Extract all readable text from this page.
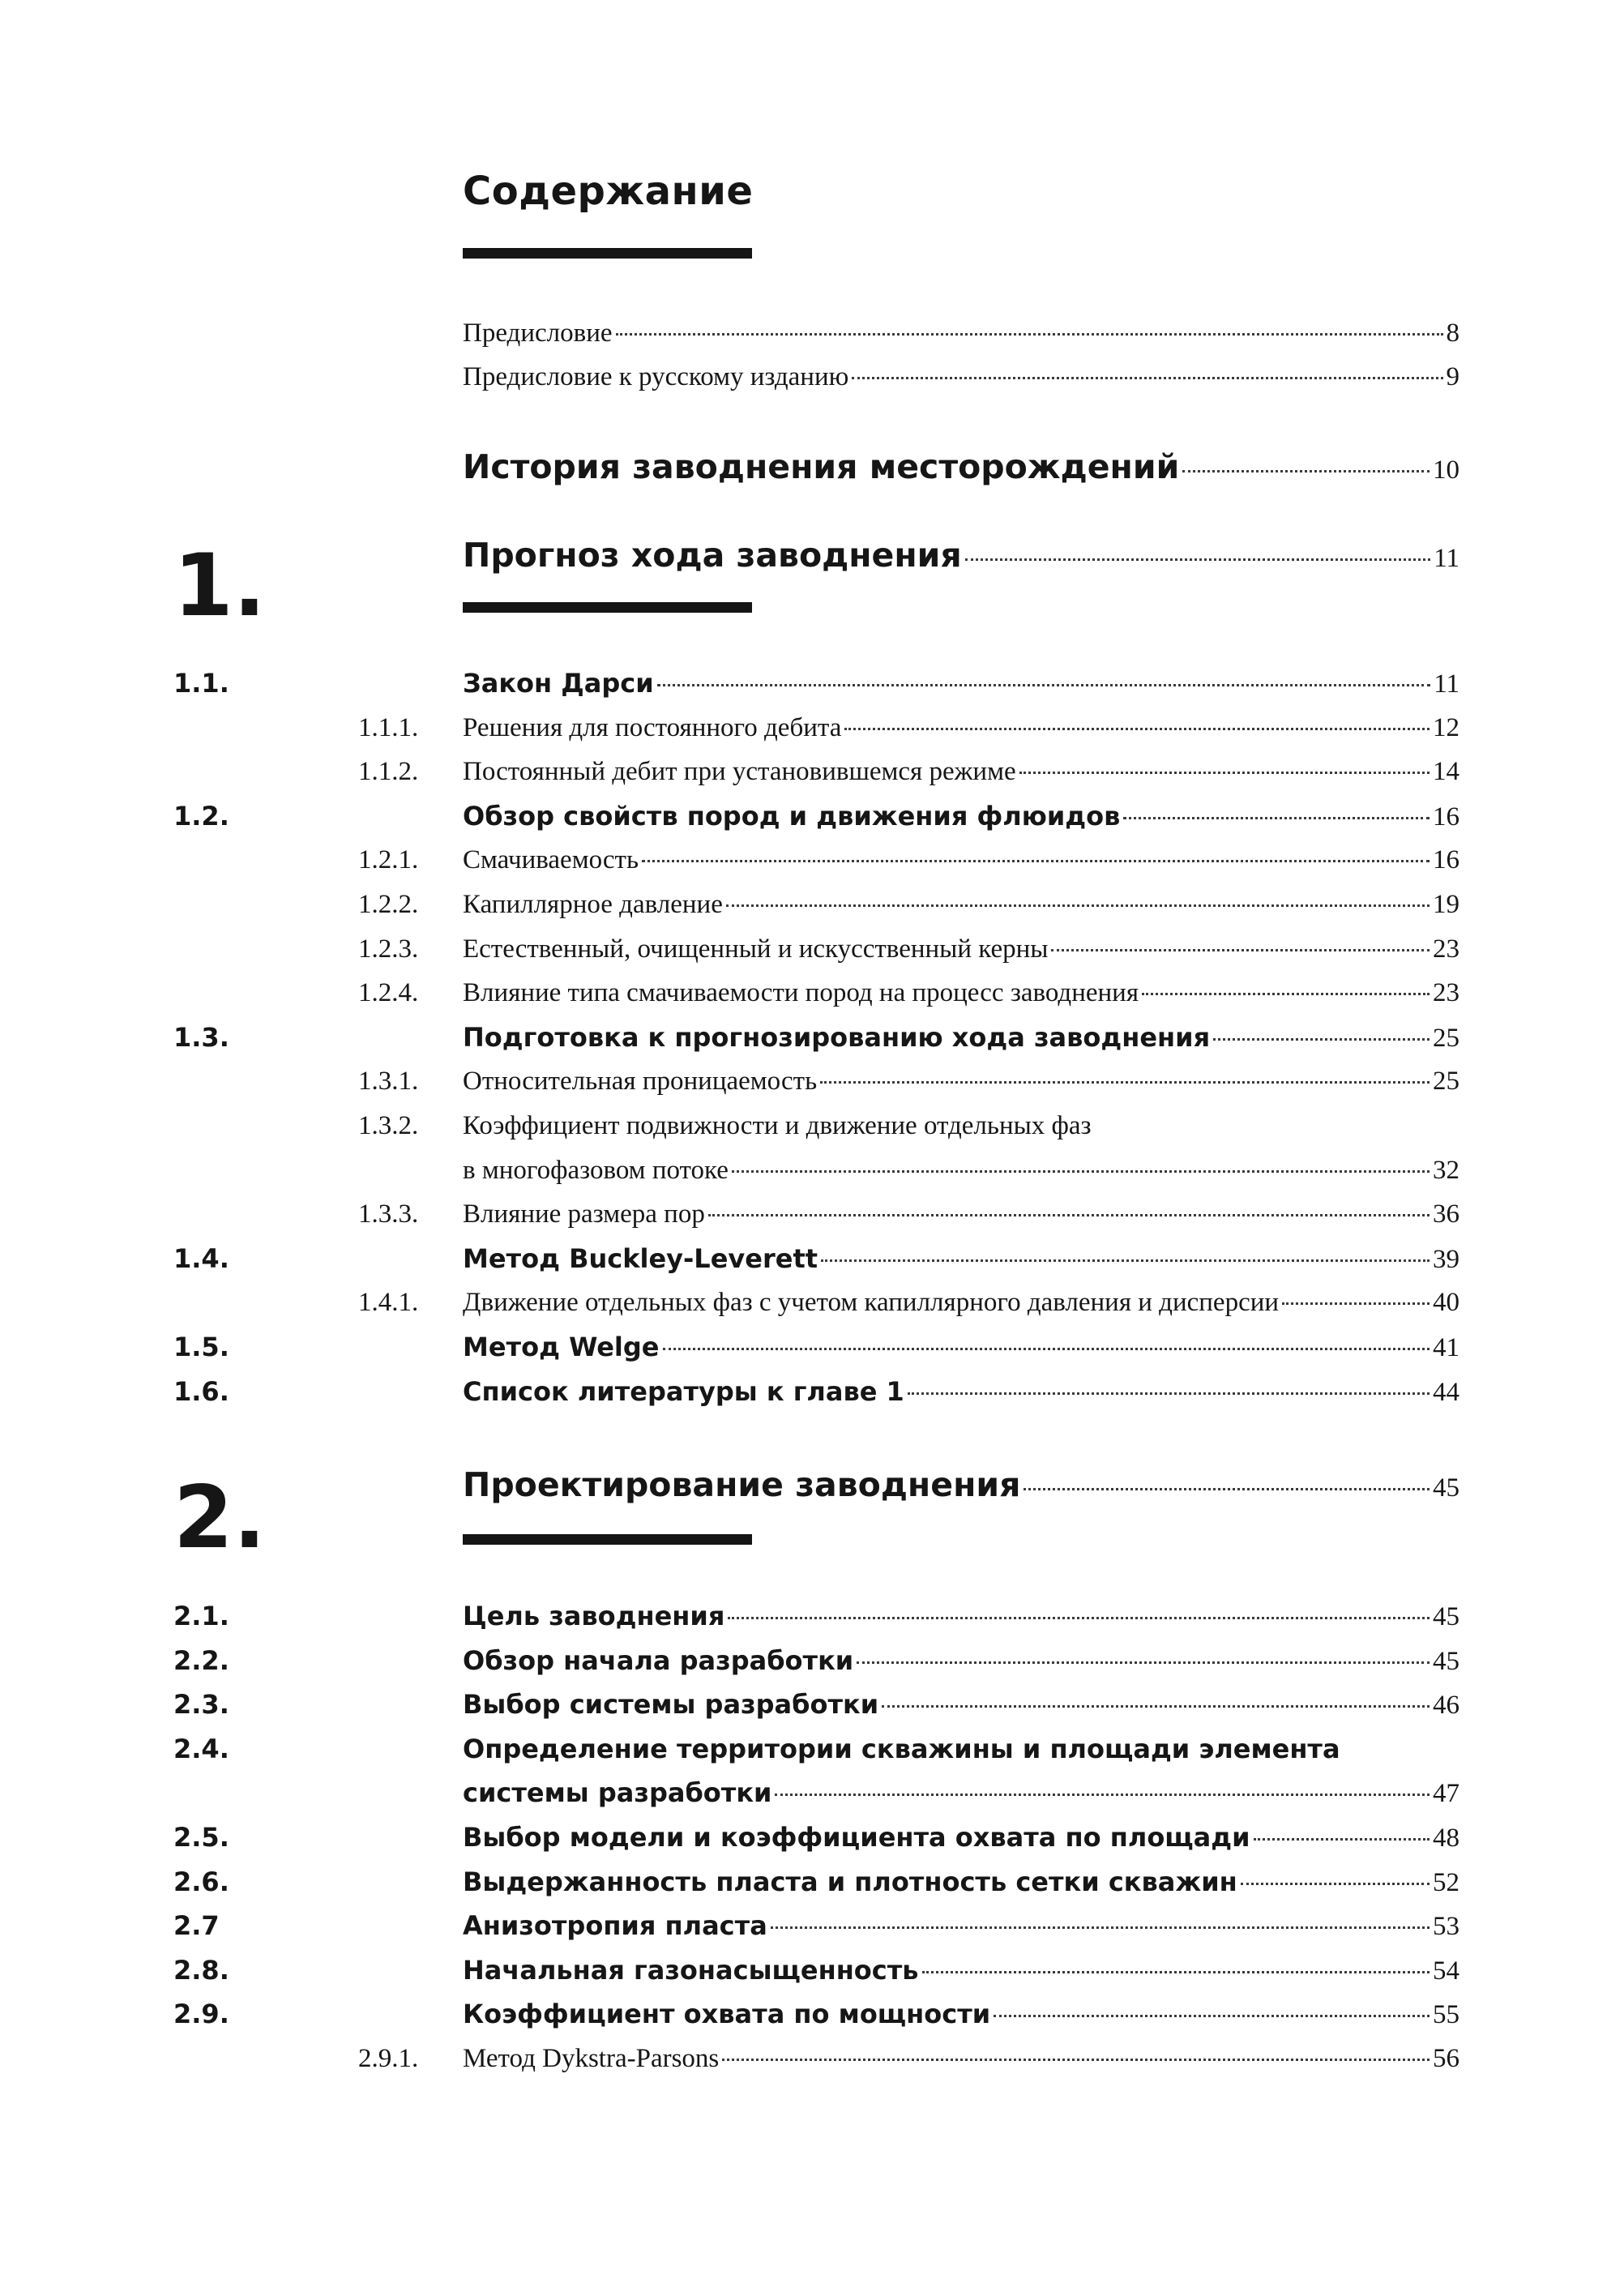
Содержание
Предисловие	8
Предисловие к русскому изданию	9
История заводнения месторождений	10
1.	Прогноз хода заводнения	11
1.1.	Закон Дарси	11
1.1.1. Решения для постоянного дебита	12
1.1.2. Постоянный дебит при установившемся режиме	14
1.2.	Обзор свойств пород и движения флюидов	16
1.2.1. Смачиваемость	16
1.2.2. Капиллярное давление	19
1.2.3. Естественный, очищенный и искусственный керны	23
1.2.4. Влияние типа смачиваемости пород на процесс заводнения	23
1.3.	Подготовка к прогнозированию хода заводнения	25
1.3.1. Относительная проницаемость	25
1.3.2. Коэффициент подвижности и движение отдельных фаз
в многофазовом потоке	32
1.3.3. Влияние размера пор	36
1.4.	Метод Buckley-Leverett	39
1.4.1. Движение отдельных фаз с учетом капиллярного давления и дисперсии	40
1.5.	Метод Welge	41
1.6.	Список литературы к главе 1	44
2.	Проектирование заводнения	45
2.1.	Цель заводнения	45
2.2.	Обзор начала разработки	45
2.3.	Выбор системы разработки	46
2.4.	Определение территории скважины и площади элемента
системы разработки	47
2.5.	Выбор модели и коэффициента охвата по площади	48
2.6.	Выдержанность пласта и плотность сетки скважин	52
2.7	Анизотропия пласта	53
2.8.	Начальная газонасыщенность	54
2.9.	Коэффициент охвата по мощности	55
2.9.1. Метод Dykstra-Parsons	56
